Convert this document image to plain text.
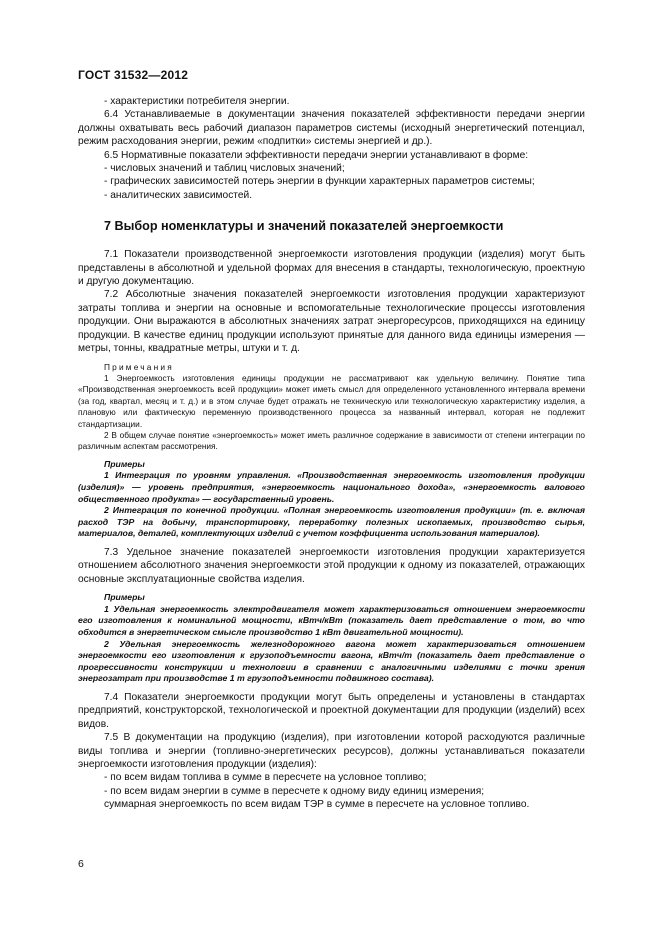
ГОСТ 31532—2012

- характеристики потребителя энергии.

6.4 Устанавливаемые в документации значения показателей эффективности передачи энергии должны охватывать весь рабочий диапазон параметров системы (исходный энергетический потенциал, режим расходования энергии, режим «подпитки» системы энергией и др.).

6.5 Нормативные показатели эффективности передачи энергии устанавливают в форме:

- числовых значений и таблиц числовых значений;

- графических зависимостей потерь энергии в функции характерных параметров системы;

- аналитических зависимостей.

7 Выбор номенклатуры и значений показателей энергоемкости

7.1 Показатели производственной энергоемкости изготовления продукции (изделия) могут быть представлены в абсолютной и удельной формах для внесения в стандарты, технологическую, проектную и другую документацию.

7.2 Абсолютные значения показателей энергоемкости изготовления продукции характеризуют затраты топлива и энергии на основные и вспомогательные технологические процессы изготовления продукции. Они выражаются в абсолютных значениях затрат энергоресурсов, приходящихся на единицу продукции. В качестве единиц продукции используют принятые для данного вида единицы измерения — метры, тонны, квадратные метры, штуки и т. д.

Примечания

1 Энергоемкость изготовления единицы продукции не рассматривают как удельную величину. Понятие типа «Производственная энергоемкость всей продукции» может иметь смысл для определенного установленного интервала времени (за год, квартал, месяц и т. д.) и в этом случае будет отражать не техническую или технологическую характеристику изделия, а плановую или фактическую переменную производственного процесса за названный интервал, которая не подлежит стандартизации.

2 В общем случае понятие «энергоемкость» может иметь различное содержание в зависимости от степени интеграции по различным аспектам рассмотрения.

Примеры

1 Интеграция по уровням управления. «Производственная энергоемкость изготовления продукции (изделия)» — уровень предприятия, «энергоемкость национального дохода», «энергоемкость валового общественного продукта» — государственный уровень.

2 Интеграция по конечной продукции. «Полная энергоемкость изготовления продукции» (т. е. включая расход ТЭР на добычу, транспортировку, переработку полезных ископаемых, производство сырья, материалов, деталей, комплектующих изделий с учетом коэффициента использования материалов).

7.3 Удельное значение показателей энергоемкости изготовления продукции характеризуется отношением абсолютного значения энергоемкости этой продукции к одному из показателей, отражающих основные эксплуатационные свойства изделия.

Примеры

1 Удельная энергоемкость электродвигателя может характеризоваться отношением энергоемкости его изготовления к номинальной мощности, кВтч/кВт (показатель дает представление о том, во что обходится в энергетическом смысле производство 1 кВт двигательной мощности).

2 Удельная энергоемкость железнодорожного вагона может характеризоваться отношением энергоемкости его изготовления к грузоподъемности вагона, кВтч/т (показатель дает представление о прогрессивности конструкции и технологии в сравнении с аналогичными изделиями с точки зрения энергозатрат при производстве 1 т грузоподъемности подвижного состава).

7.4 Показатели энергоемкости продукции могут быть определены и установлены в стандартах предприятий, конструкторской, технологической и проектной документации для продукции (изделий) всех видов.

7.5 В документации на продукцию (изделия), при изготовлении которой расходуются различные виды топлива и энергии (топливно-энергетических ресурсов), должны устанавливаться показатели энергоемкости изготовления продукции (изделия):

- по всем видам топлива в сумме в пересчете на условное топливо;

- по всем видам энергии в сумме в пересчете к одному виду единиц измерения;

суммарная энергоемкость по всем видам ТЭР в сумме в пересчете на условное топливо.

6
